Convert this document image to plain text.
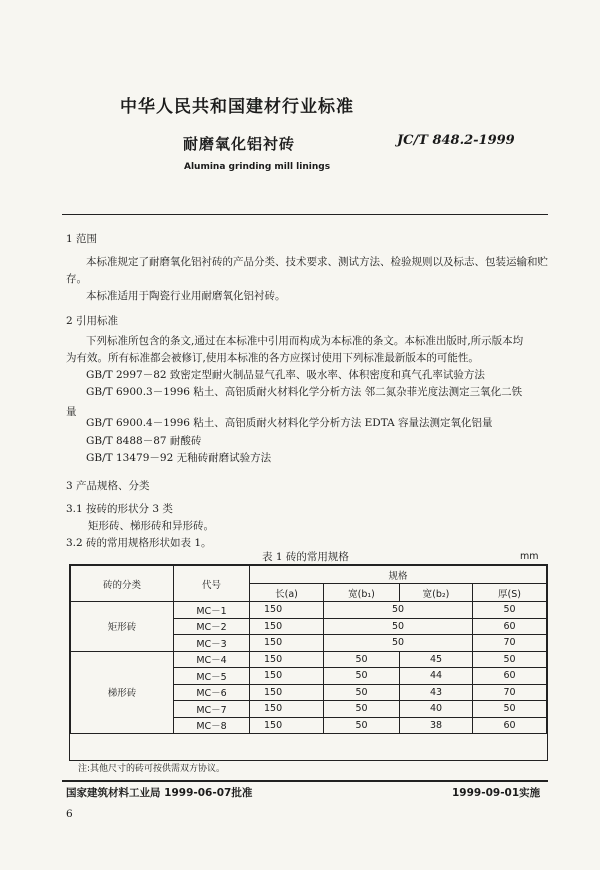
中华人民共和国建材行业标准
耐磨氧化铝衬砖	JC/T 848.2-1999
Alumina grinding mill linings
1 范围
本标准规定了耐磨氧化铝衬砖的产品分类、技术要求、测试方法、检验规则以及标志、包装运输和贮
存。
本标准适用于陶瓷行业用耐磨氧化铝衬砖。
2 引用标准
下列标准所包含的条文,通过在本标准中引用而构成为本标准的条文。本标准出版时,所示版本均
为有效。所有标准都会被修订,使用本标准的各方应探讨使用下列标准最新版本的可能性。
GB/T 2997－82 致密定型耐火制品显气孔率、吸水率、体积密度和真气孔率试验方法
GB/T 6900.3－1996 粘土、高铝质耐火材料化学分析方法 邻二氮杂菲光度法测定三氧化二铁
量
GB/T 6900.4－1996 粘土、高铝质耐火材料化学分析方法 EDTA 容量法测定氧化铝量
GB/T 8488－87 耐酸砖
GB/T 13479－92 无釉砖耐磨试验方法
3 产品规格、分类
3.1 按砖的形状分 3 类
矩形砖、梯形砖和异形砖。
3.2 砖的常用规格形状如表 1。
表 1 砖的常用规格	mm
砖的分类	代号	规格			
		长(a)	宽(b₁)	宽(b₂)	厚(S)
矩形砖	MC－1	150	50		50
	MC－2	150	50		60
	MC－3	150	50		70
梯形砖	MC－4	150	50	45	50
	MC－5	150	50	44	60
	MC－6	150	50	43	70
	MC－7	150	50	40	50
	MC－8	150	50	38	60
注:其他尺寸的砖可按供需双方协议。
国家建筑材料工业局 1999-06-07批准	1999-09-01实施
6
